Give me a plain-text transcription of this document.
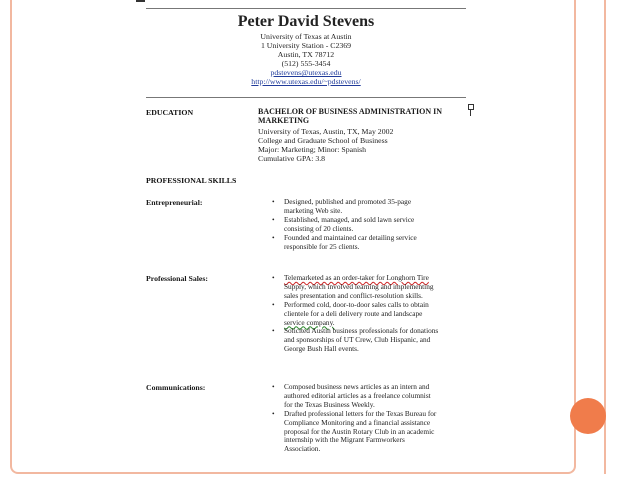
Peter David Stevens
University of Texas at Austin
1 University Station - C2369
Austin, TX 78712
(512) 555-3454
pdstevens@utexas.edu
http://www.utexas.edu/~pdstevens/
EDUCATION	BACHELOR OF BUSINESS ADMINISTRATION IN
MARKETING
University of Texas, Austin, TX, May 2002
College and Graduate School of Business
Major: Marketing; Minor: Spanish
Cumulative GPA: 3.8
PROFESSIONAL SKILLS
Entrepreneurial:	• Designed, published and promoted 35-page
marketing Web site.
• Established, managed, and sold lawn service
consisting of 20 clients.
• Founded and maintained car detailing service
responsible for 25 clients.
Professional Sales:	• Telemarketed as an order-taker for Longhorn Tire
Supply, which involved learning and implementing
sales presentation and conflict-resolution skills.
• Performed cold, door-to-door sales calls to obtain
clientele for a deli delivery route and landscape
service company.
• Solicited Austin business professionals for donations
and sponsorships of UT Crew, Club Hispanic, and
George Bush Hall events.
Communications:	• Composed business news articles as an intern and
authored editorial articles as a freelance columnist
for the Texas Business Weekly.
• Drafted professional letters for the Texas Bureau for
Compliance Monitoring and a financial assistance
proposal for the Austin Rotary Club in an academic
internship with the Migrant Farmworkers
Association.
